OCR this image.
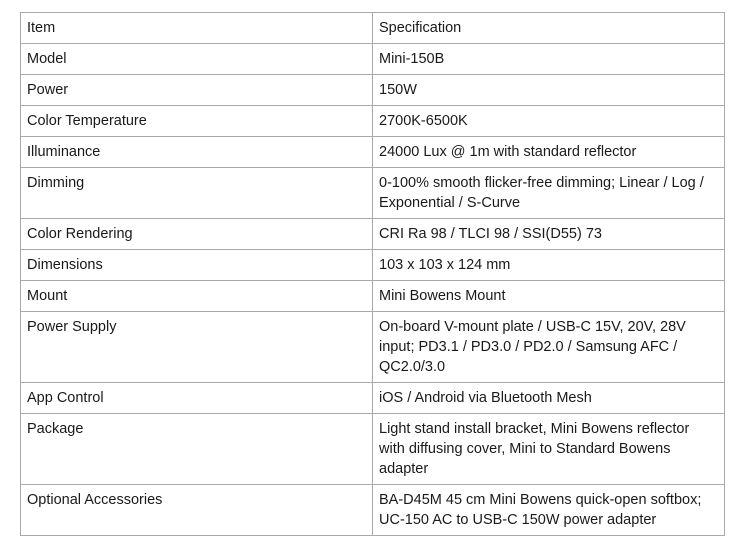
Item	Specification
Model	Mini-150B
Power	150W
Color Temperature	2700K-6500K
Illuminance	24000 Lux @ 1m with standard reflector
Dimming	0-100% smooth flicker-free dimming; Linear / Log / Exponential / S-Curve
Color Rendering	CRI Ra 98 / TLCI 98 / SSI(D55) 73
Dimensions	103 x 103 x 124 mm
Mount	Mini Bowens Mount
Power Supply	On-board V-mount plate / USB-C 15V, 20V, 28V input; PD3.1 / PD3.0 / PD2.0 / Samsung AFC / QC2.0/3.0
App Control	iOS / Android via Bluetooth Mesh
Package	Light stand install bracket, Mini Bowens reflector with diffusing cover, Mini to Standard Bowens adapter
Optional Accessories	BA-D45M 45 cm Mini Bowens quick-open softbox; UC-150 AC to USB-C 150W power adapter
